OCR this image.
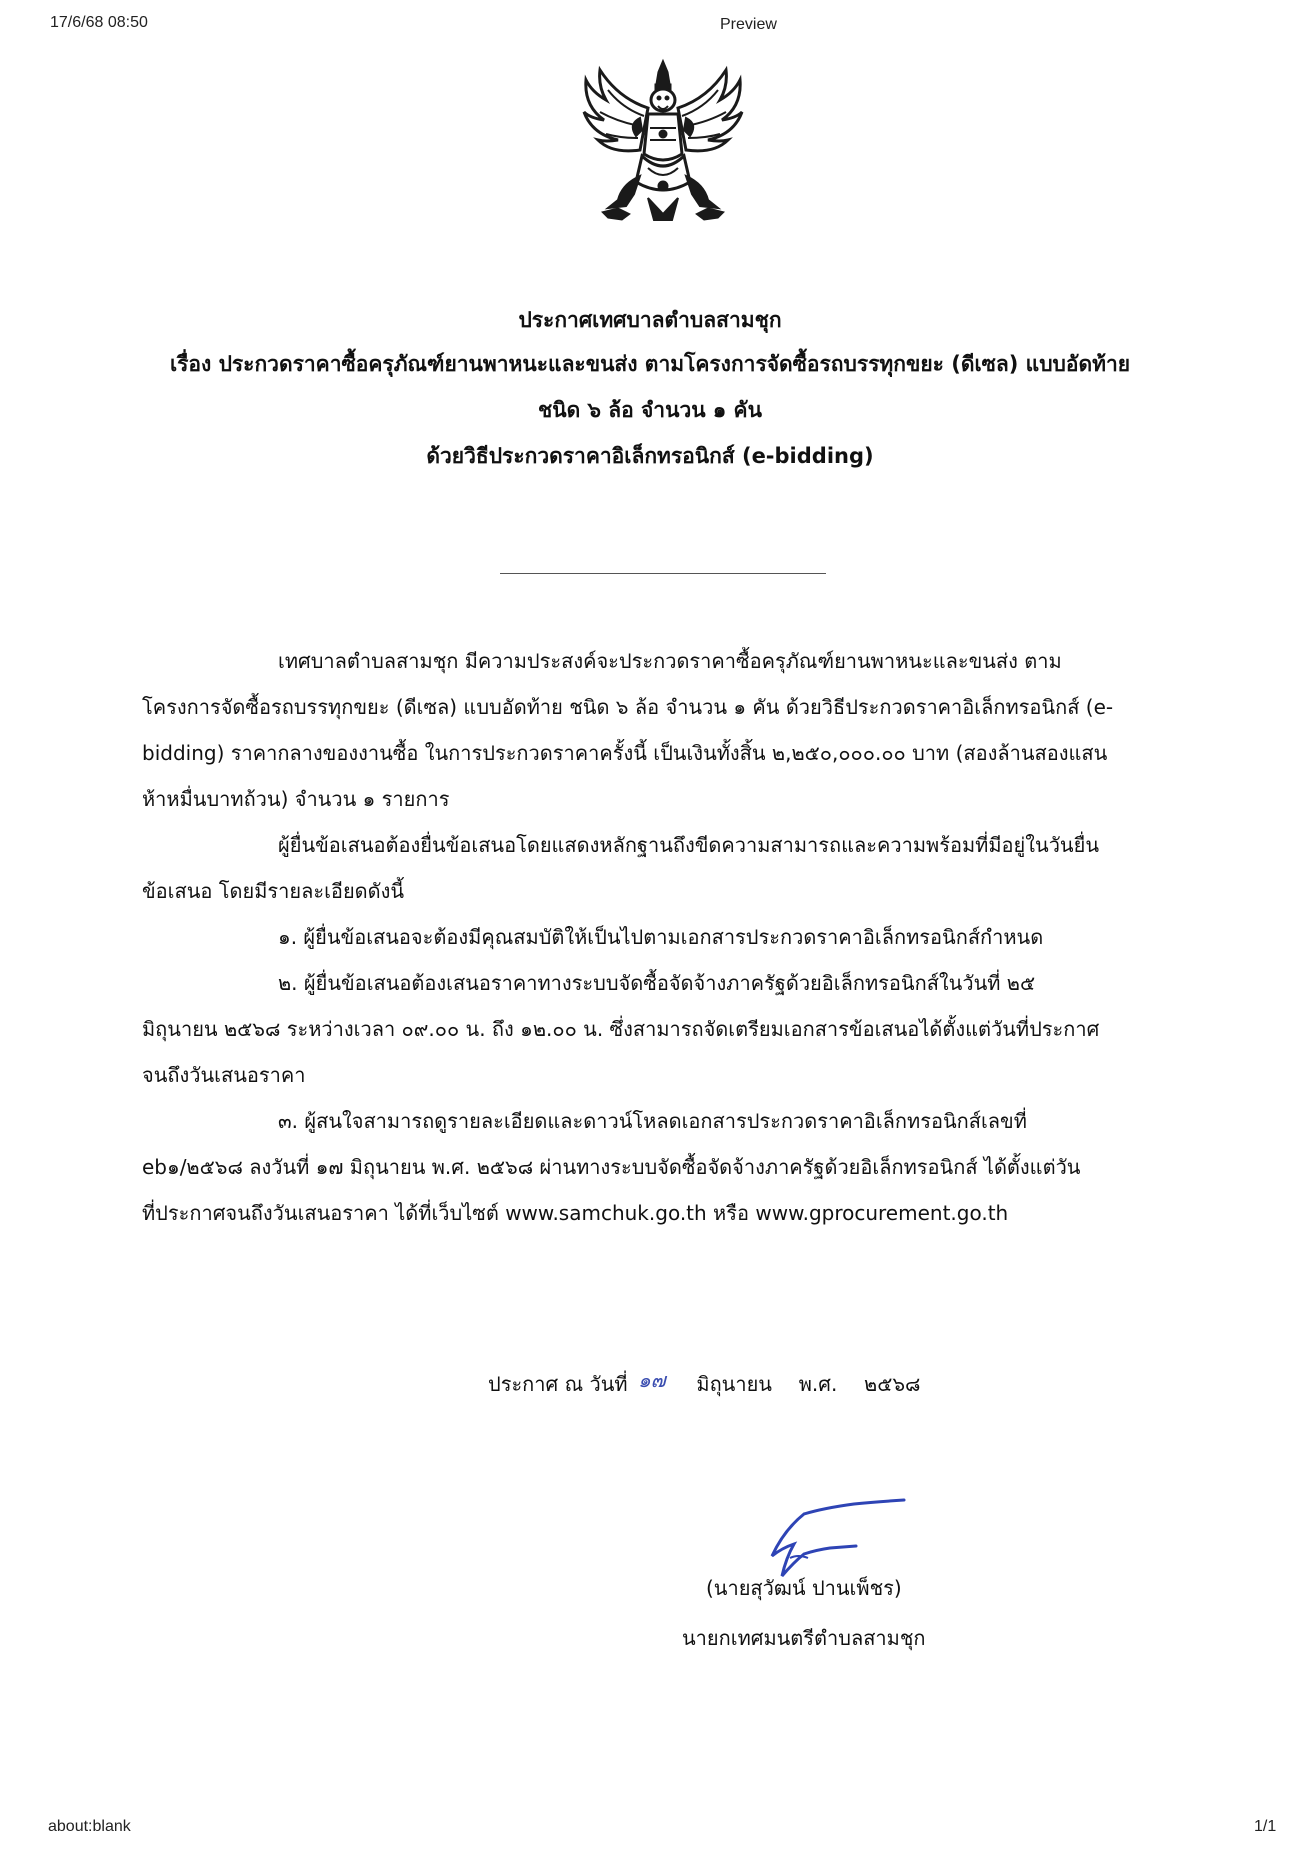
17/6/68 08:50	Preview
about:blank	1/1
ประกาศเทศบาลตำบลสามชุก
เรื่อง ประกวดราคาซื้อครุภัณฑ์ยานพาหนะและขนส่ง ตามโครงการจัดซื้อรถบรรทุกขยะ (ดีเซล) แบบอัดท้าย
ชนิด ๖ ล้อ จำนวน ๑ คัน
ด้วยวิธีประกวดราคาอิเล็กทรอนิกส์ (e-bidding)
เทศบาลตำบลสามชุก มีความประสงค์จะประกวดราคาซื้อครุภัณฑ์ยานพาหนะและขนส่ง ตาม
โครงการจัดซื้อรถบรรทุกขยะ (ดีเซล) แบบอัดท้าย ชนิด ๖ ล้อ จำนวน ๑ คัน ด้วยวิธีประกวดราคาอิเล็กทรอนิกส์ (e-
bidding) ราคากลางของงานซื้อ ในการประกวดราคาครั้งนี้ เป็นเงินทั้งสิ้น ๒,๒๕๐,๐๐๐.๐๐ บาท (สองล้านสองแสน
ห้าหมื่นบาทถ้วน) จำนวน ๑ รายการ
ผู้ยื่นข้อเสนอต้องยื่นข้อเสนอโดยแสดงหลักฐานถึงขีดความสามารถและความพร้อมที่มีอยู่ในวันยื่น
ข้อเสนอ โดยมีรายละเอียดดังนี้
๑. ผู้ยื่นข้อเสนอจะต้องมีคุณสมบัติให้เป็นไปตามเอกสารประกวดราคาอิเล็กทรอนิกส์กำหนด
๒. ผู้ยื่นข้อเสนอต้องเสนอราคาทางระบบจัดซื้อจัดจ้างภาครัฐด้วยอิเล็กทรอนิกส์ในวันที่ ๒๕
มิถุนายน ๒๕๖๘ ระหว่างเวลา ๐๙.๐๐ น. ถึง ๑๒.๐๐ น. ซึ่งสามารถจัดเตรียมเอกสารข้อเสนอได้ตั้งแต่วันที่ประกาศ
จนถึงวันเสนอราคา
๓. ผู้สนใจสามารถดูรายละเอียดและดาวน์โหลดเอกสารประกวดราคาอิเล็กทรอนิกส์เลขที่
eb๑/๒๕๖๘ ลงวันที่ ๑๗ มิถุนายน พ.ศ. ๒๕๖๘ ผ่านทางระบบจัดซื้อจัดจ้างภาครัฐด้วยอิเล็กทรอนิกส์ ได้ตั้งแต่วัน
ที่ประกาศจนถึงวันเสนอราคา ได้ที่เว็บไซต์ www.samchuk.go.th หรือ www.gprocurement.go.th
ประกาศ ณ วันที่ ๑๗ มิถุนายน พ.ศ. ๒๕๖๘
(นายสุวัฒน์ ปานเพ็ชร)
นายกเทศมนตรีตำบลสามชุก
